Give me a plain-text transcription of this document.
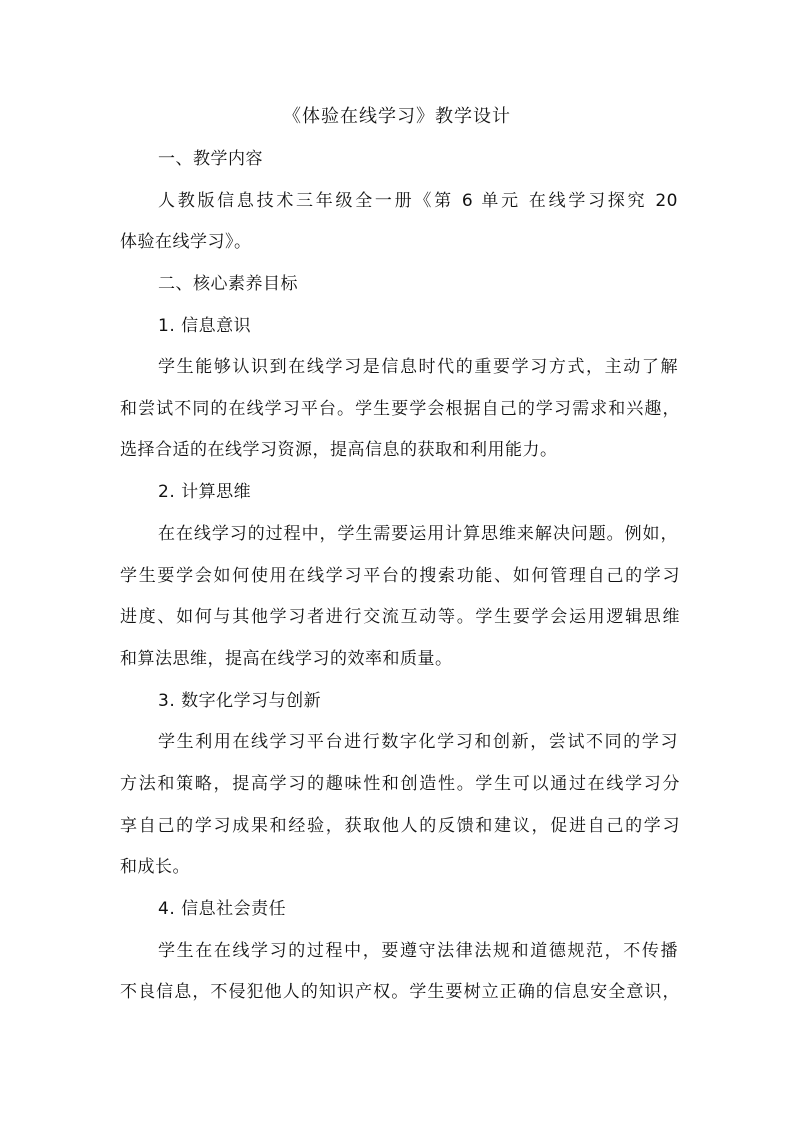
《体验在线学习》教学设计
一、教学内容
人教版信息技术三年级全一册《第 6 单元 在线学习探究 20
体验在线学习》。
二、核心素养目标
1. 信息意识
学生能够认识到在线学习是信息时代的重要学习方式，主动了解
和尝试不同的在线学习平台。学生要学会根据自己的学习需求和兴趣，
选择合适的在线学习资源，提高信息的获取和利用能力。
2. 计算思维
在在线学习的过程中，学生需要运用计算思维来解决问题。例如，
学生要学会如何使用在线学习平台的搜索功能、如何管理自己的学习
进度、如何与其他学习者进行交流互动等。学生要学会运用逻辑思维
和算法思维，提高在线学习的效率和质量。
3. 数字化学习与创新
学生利用在线学习平台进行数字化学习和创新，尝试不同的学习
方法和策略，提高学习的趣味性和创造性。学生可以通过在线学习分
享自己的学习成果和经验，获取他人的反馈和建议，促进自己的学习
和成长。
4. 信息社会责任
学生在在线学习的过程中，要遵守法律法规和道德规范，不传播
不良信息，不侵犯他人的知识产权。学生要树立正确的信息安全意识，
